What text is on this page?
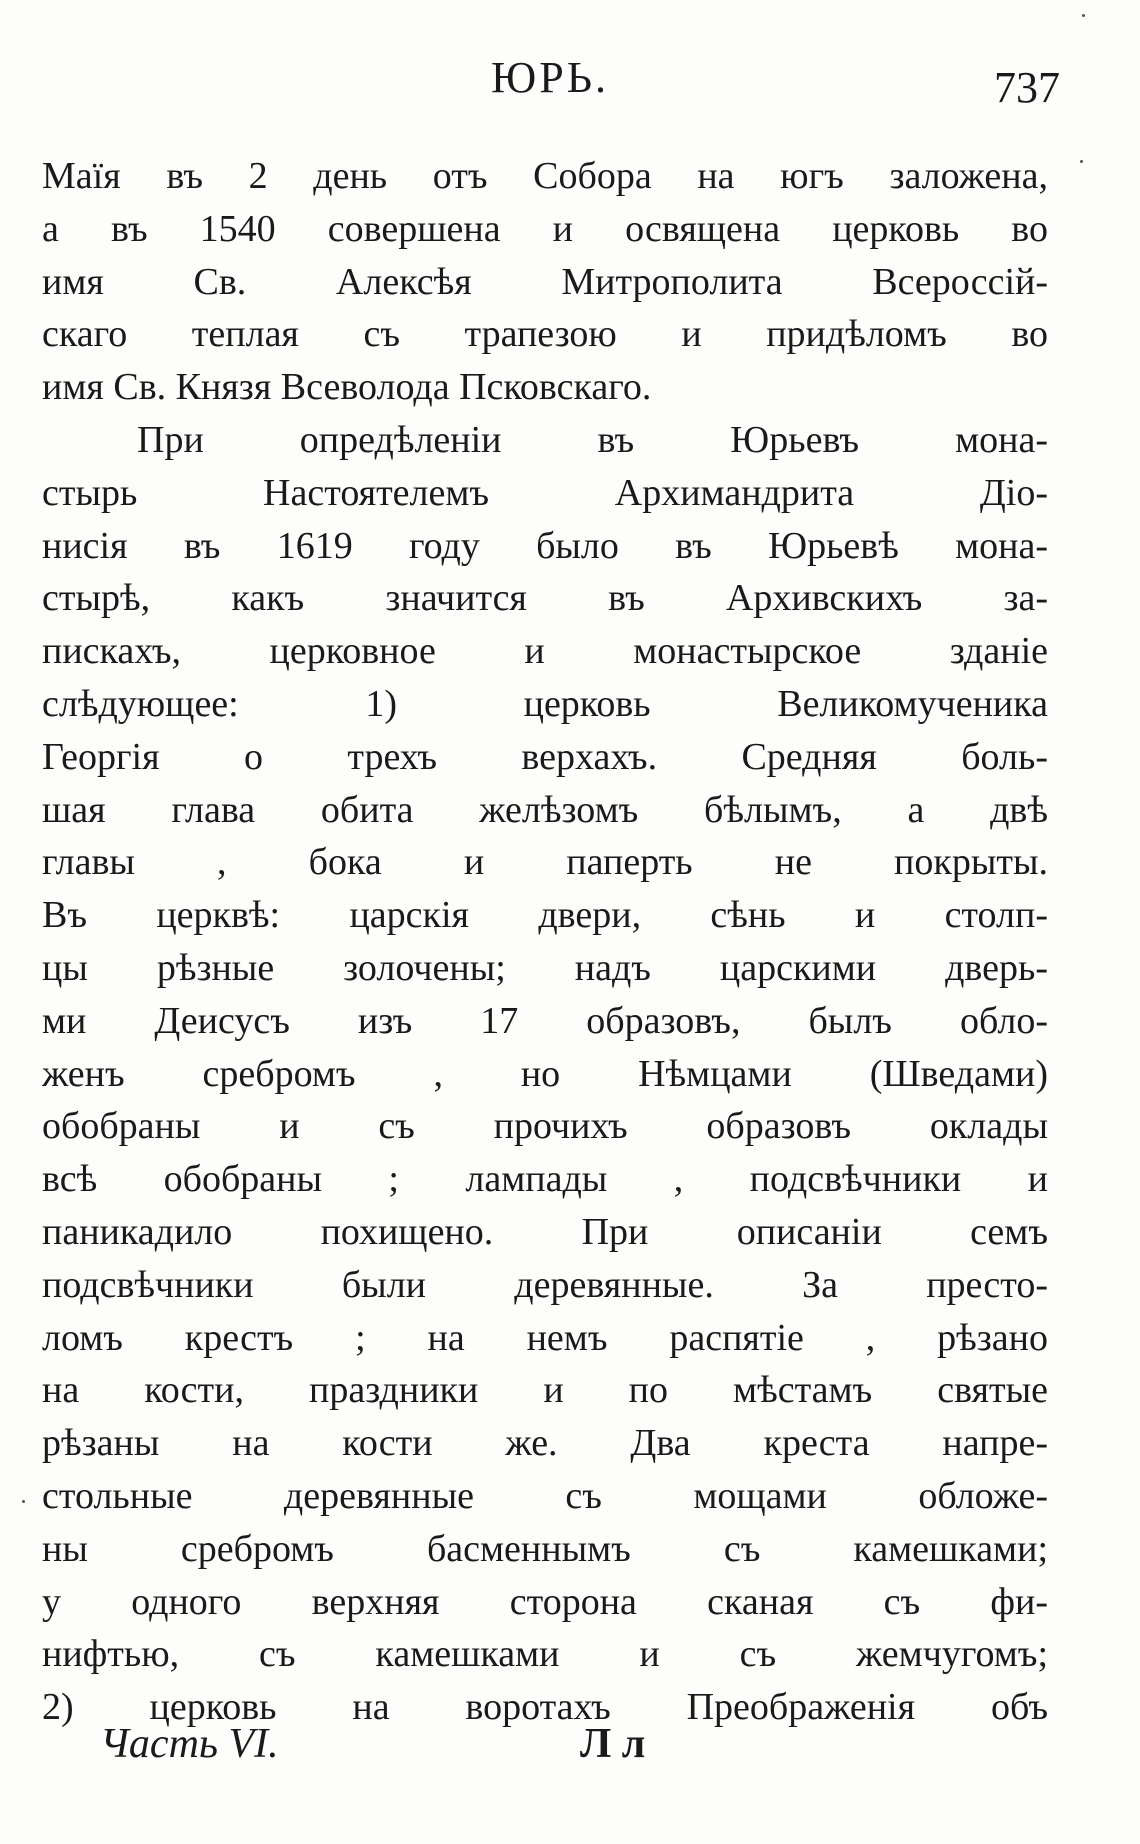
ЮРЬ.	737
Маїя въ 2 день отъ Собора на югъ заложена,
а въ 1540 совершена и освящена церковь во
имя Св. Алексѣя Митрополита Всероссій-
скаго теплая съ трапезою и придѣломъ во
имя Св. Князя Всеволода Псковскаго.
При опредѣленіи въ Юрьевъ мона-
стырь Настоятелемъ Архимандрита Діо-
нисія въ 1619 году было въ Юрьевѣ мона-
стырѣ, какъ значится въ Архивскихъ за-
пискахъ, церковное и монастырское зданіе
слѣдующее: 1) церковь Великомученика
Георгія о трехъ верхахъ. Средняя боль-
шая глава обита желѣзомъ бѣлымъ, а двѣ
главы , бока и паперть не покрыты.
Въ церквѣ: царскія двери, сѣнь и столп-
цы рѣзные золочены; надъ царскими дверь-
ми Деисусъ изъ 17 образовъ, былъ обло-
женъ сребромъ , но Нѣмцами (Шведами)
обобраны и съ прочихъ образовъ оклады
всѣ обобраны ; лампады , подсвѣчники и
паникадило похищено. При описаніи семъ
подсвѣчники были деревянные. За престо-
ломъ крестъ ; на немъ распятіе , рѣзано
на кости, праздники и по мѣстамъ святые
рѣзаны на кости же. Два креста напре-
стольные деревянные съ мощами обложе-
ны сребромъ басменнымъ съ камешками;
у одного верхняя сторона сканая съ фи-
нифтью, съ камешками и съ жемчугомъ;
2) церковь на воротахъ Преображенія объ
Часть VI.	Л л
